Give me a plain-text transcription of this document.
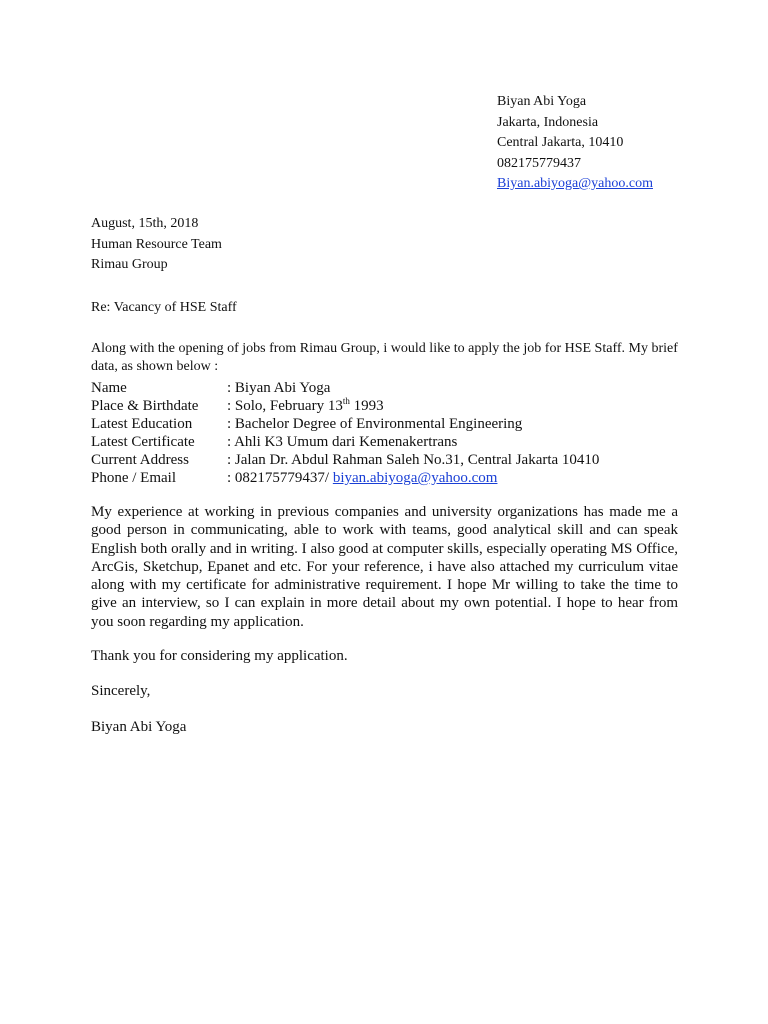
Biyan Abi Yoga
Jakarta, Indonesia
Central Jakarta, 10410
082175779437
Biyan.abiyoga@yahoo.com
August, 15th, 2018
Human Resource Team
Rimau Group
Re: Vacancy of HSE Staff
Along with the opening of jobs from Rimau Group, i would like to apply the job for HSE Staff. My brief data, as shown below :
Name	: Biyan Abi Yoga
Place & Birthdate	: Solo, February 13th 1993
Latest Education	: Bachelor Degree of Environmental Engineering
Latest Certificate	: Ahli K3 Umum dari Kemenakertrans
Current Address	: Jalan Dr. Abdul Rahman Saleh No.31, Central Jakarta 10410
Phone / Email	: 082175779437/ biyan.abiyoga@yahoo.com
My experience at working in previous companies and university organizations has made me a good person in communicating, able to work with teams, good analytical skill and can speak English both orally and in writing. I also good at computer skills, especially operating MS Office, ArcGis, Sketchup, Epanet and etc. For your reference, i have also attached my curriculum vitae along with my certificate for administrative requirement. I hope Mr willing to take the time to give an interview, so I can explain in more detail about my own potential. I hope to hear from you soon regarding my application.
Thank you for considering my application.
Sincerely,
Biyan Abi Yoga
